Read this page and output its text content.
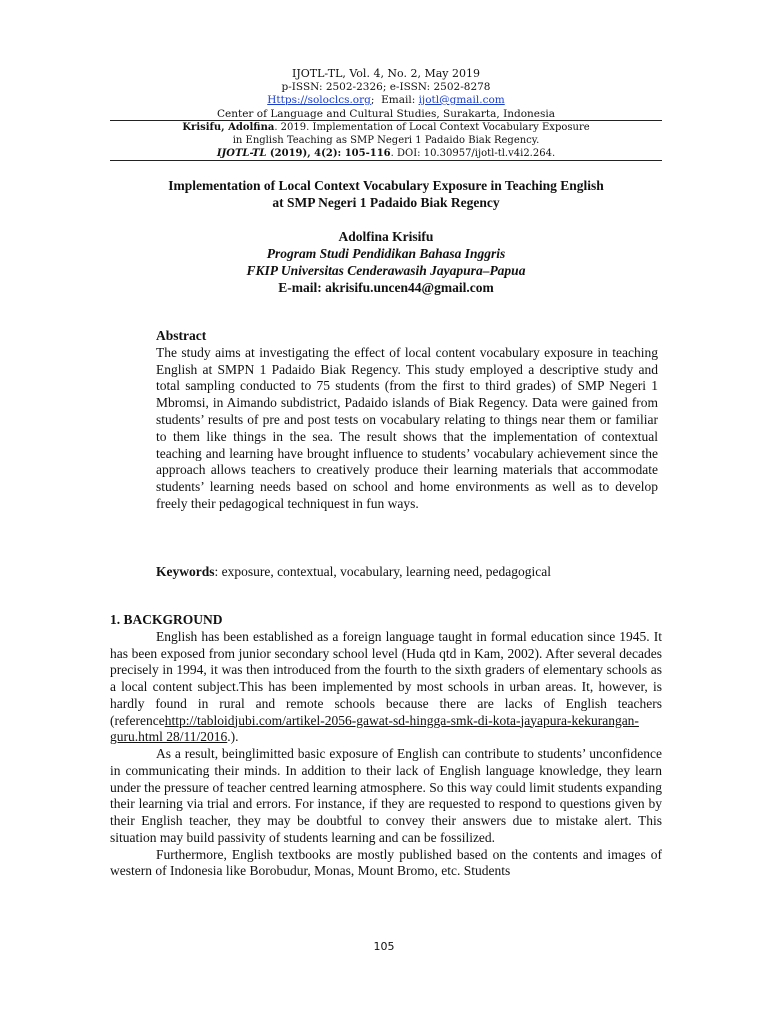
IJOTL-TL, Vol. 4, No. 2, May 2019
p-ISSN: 2502-2326; e-ISSN: 2502-8278
Https://soloclcs.org;  Email: ijotl@gmail.com
Center of Language and Cultural Studies, Surakarta, Indonesia
Krisifu, Adolfina. 2019. Implementation of Local Context Vocabulary Exposure
in English Teaching as SMP Negeri 1 Padaido Biak Regency.
IJOTL-TL (2019), 4(2): 105-116. DOI: 10.30957/ijotl-tl.v4i2.264.
Implementation of Local Context Vocabulary Exposure in Teaching English
at SMP Negeri 1 Padaido Biak Regency
Adolfina Krisifu
Program Studi Pendidikan Bahasa Inggris
FKIP Universitas Cenderawasih Jayapura–Papua
E-mail: akrisifu.uncen44@gmail.com
Abstract

The study aims at investigating the effect of local content vocabulary exposure in teaching English at SMPN 1 Padaido Biak Regency. This study employed a descriptive study and total sampling conducted to 75 students (from the first to third grades) of SMP Negeri 1 Mbromsi, in Aimando subdistrict, Padaido islands of Biak Regency. Data were gained from students’ results of pre and post tests on vocabulary relating to things near them or familiar to them like things in the sea. The result shows that the implementation of contextual teaching and learning have brought influence to students’ vocabulary achievement since the approach allows teachers to creatively produce their learning materials that accommodate students’ learning needs based on school and home environments as well as to develop freely their pedagogical techniquest in fun ways.

Keywords: exposure, contextual, vocabulary, learning need, pedagogical
1. BACKGROUND

English has been established as a foreign language taught in formal education since 1945. It has been exposed from junior secondary school level (Huda qtd in Kam, 2002). After several decades precisely in 1994, it was then introduced from the fourth to the sixth graders of elementary schools as a local content subject.This has been implemented by most schools in urban areas. It, however, is hardly found in rural and remote schools because there are lacks of English teachers (referencehttp://tabloidjubi.com/artikel-2056-gawat-sd-hingga-smk-di-kota-jayapura-kekurangan-guru.html 28/11/2016.).

As a result, beinglimitted basic exposure of English can contribute to students’ unconfidence in communicating their minds. In addition to their lack of English language knowledge, they learn under the pressure of teacher centred learning atmosphere. So this way could limit students expanding their learning via trial and errors. For instance, if they are requested to respond to questions given by their English teacher, they may be doubtful to convey their answers due to mistake alert. This situation may build passivity of students learning and can be fossilized.

Furthermore, English textbooks are mostly published based on the contents and images of western of Indonesia like Borobudur, Monas, Mount Bromo, etc. Students

105
